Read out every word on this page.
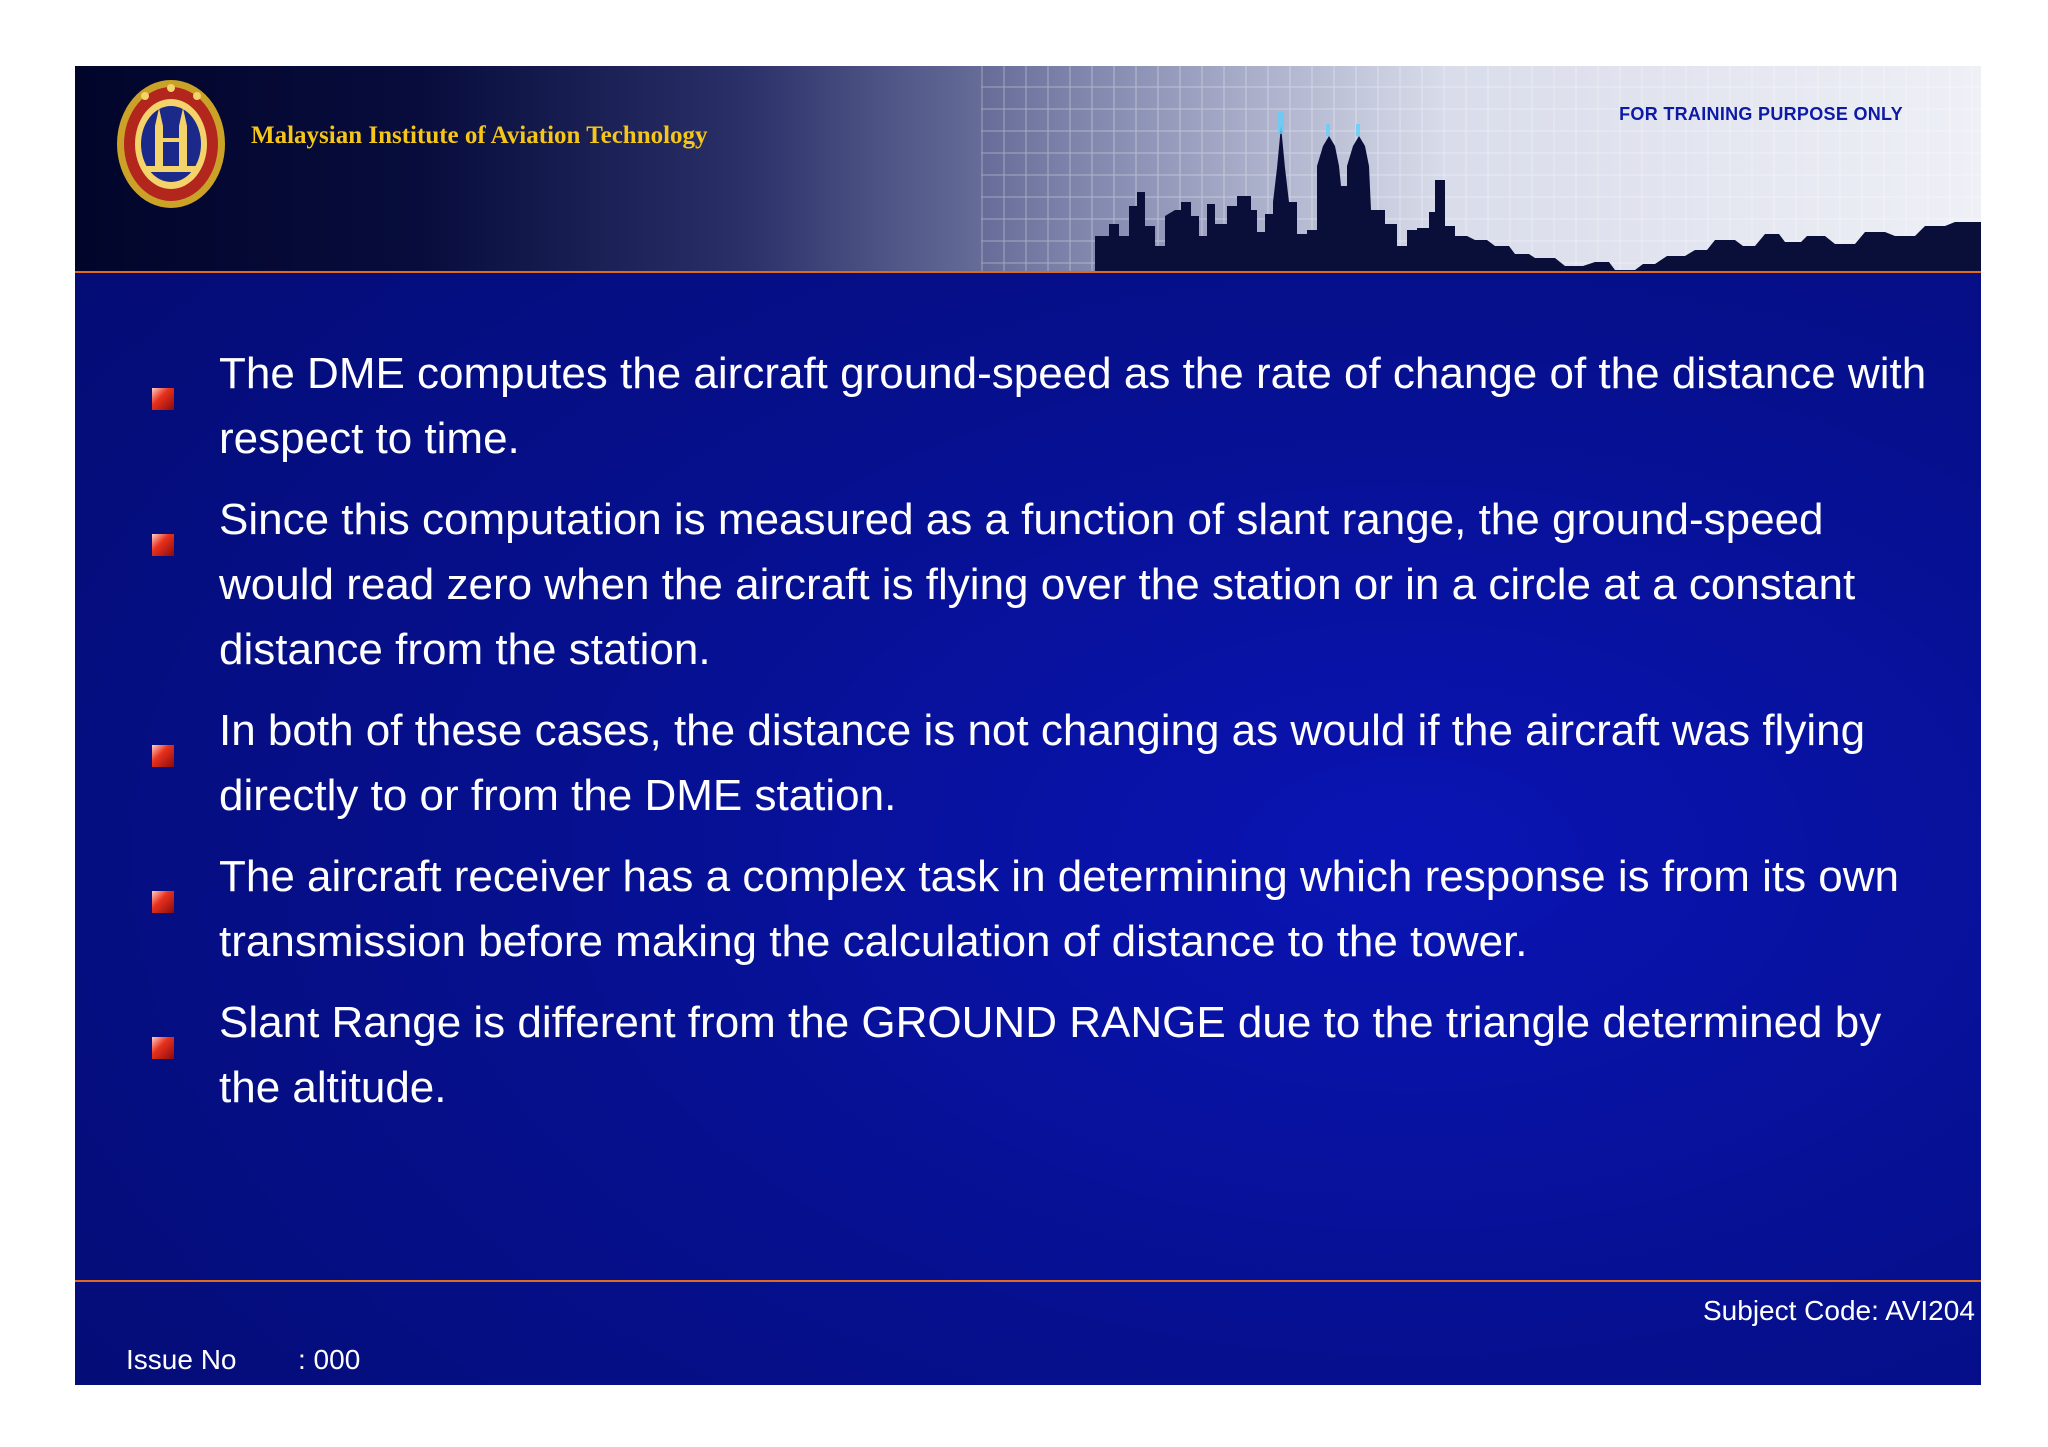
Malaysian Institute of Aviation Technology
FOR TRAINING PURPOSE ONLY
The DME computes the aircraft ground-speed as the rate of change of the distance with respect to time.
Since this computation is measured as a function of slant range, the ground-speed would read zero when the aircraft is flying over the station or in a circle at a constant distance from the station.
In both of these cases, the distance is not changing as would if the aircraft was flying directly to or from the DME station.
The aircraft receiver has a complex task in determining which response is from its own transmission before making the calculation of distance to the tower.
Slant Range is different from the GROUND RANGE due to the triangle determined by the altitude.
Subject Code: AVI204
Issue No : 000
